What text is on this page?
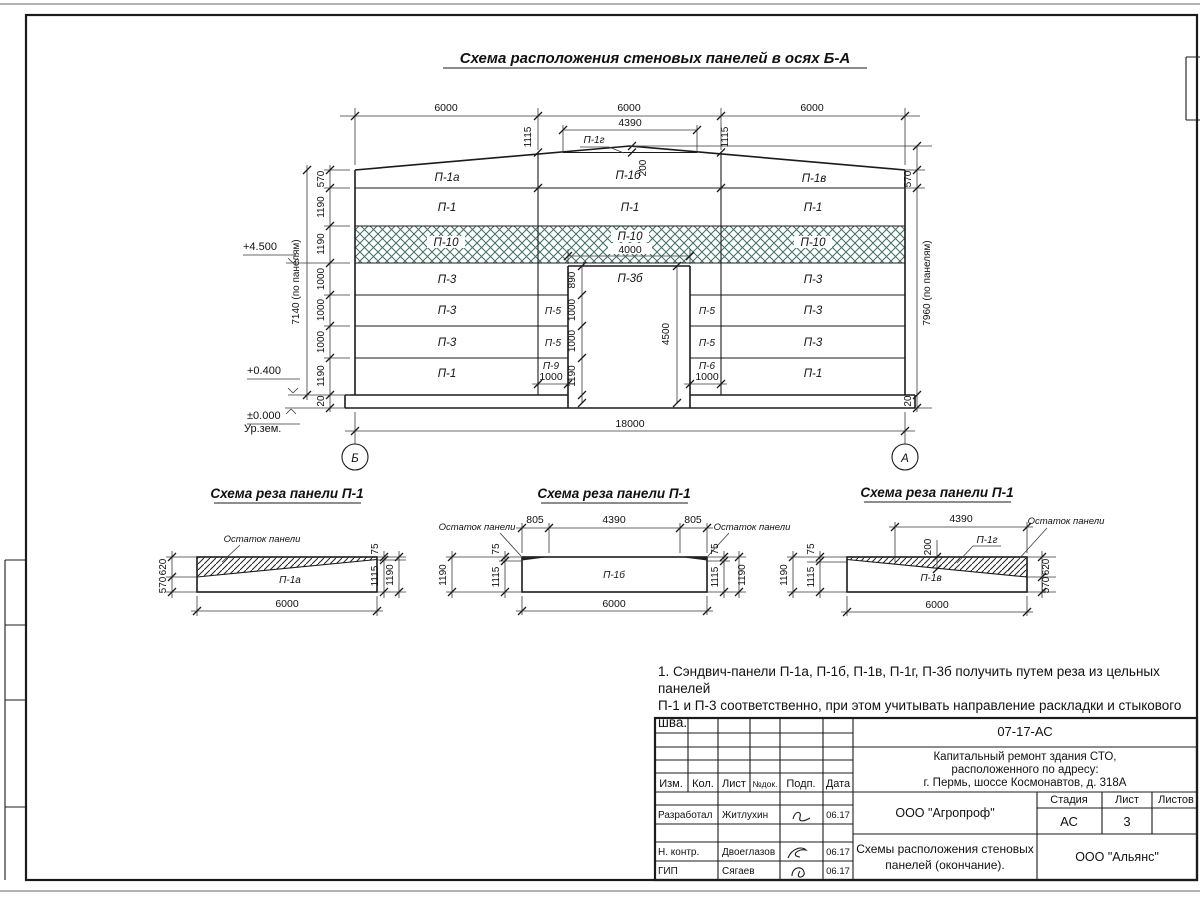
Схема расположения стеновых панелей в осях Б-А
6000	6000	6000
4390
1115	1115
200
П-1г
4000
890
1000
1000
1190
4500
1000	1000
18000
570
1190
1190
1000
1000
1000
1190
20
7140 (по панелям)
+4.500
+0.400
±0.000
Ур.зем.
570
7960 (по панелям)
20
Б	А
П-1а	П-1б	П-1в
П-1	П-1	П-1
П-10	П-10	П-10
П-3	П-3б	П-3
П-3	П-5	П-5	П-3
П-3	П-5	П-5	П-3
П-1
П-9	П-6
П-1
Схема реза панели П-1
Остаток панели
П-1а
620
570
75
1115 1190
6000
Схема реза панели П-1
Остаток панели	Остаток панели
805	4390	805
П-1б
1190
75
1115
75
1115 1190
6000
Схема реза панели П-1
Остаток панели
П-1г
П-1в
4390
200
1190
75
1115	620
570
6000
07-17-АС
Капитальный ремонт здания СТО,
расположенного по адресу:
г. Пермь, шоссе Космонавтов, д. 318А
ООО "Агропроф"
Схемы расположения стеновых
панелей (окончание).
ООО "Альянс"
Стадия Лист Листов
АС	3
Изм. Кол. Лист №док. Подп. Дата
Разработал Житлухин	06.17
Н. контр. Двоеглазов	06.17
ГИП	Сягаев	06.17
1. Сэндвич-панели П-1а, П-1б, П-1в, П-1г, П-3б получить путем реза из цельных панелей
П-1 и П-3 соответственно, при этом учитывать направление раскладки и стыкового шва.
